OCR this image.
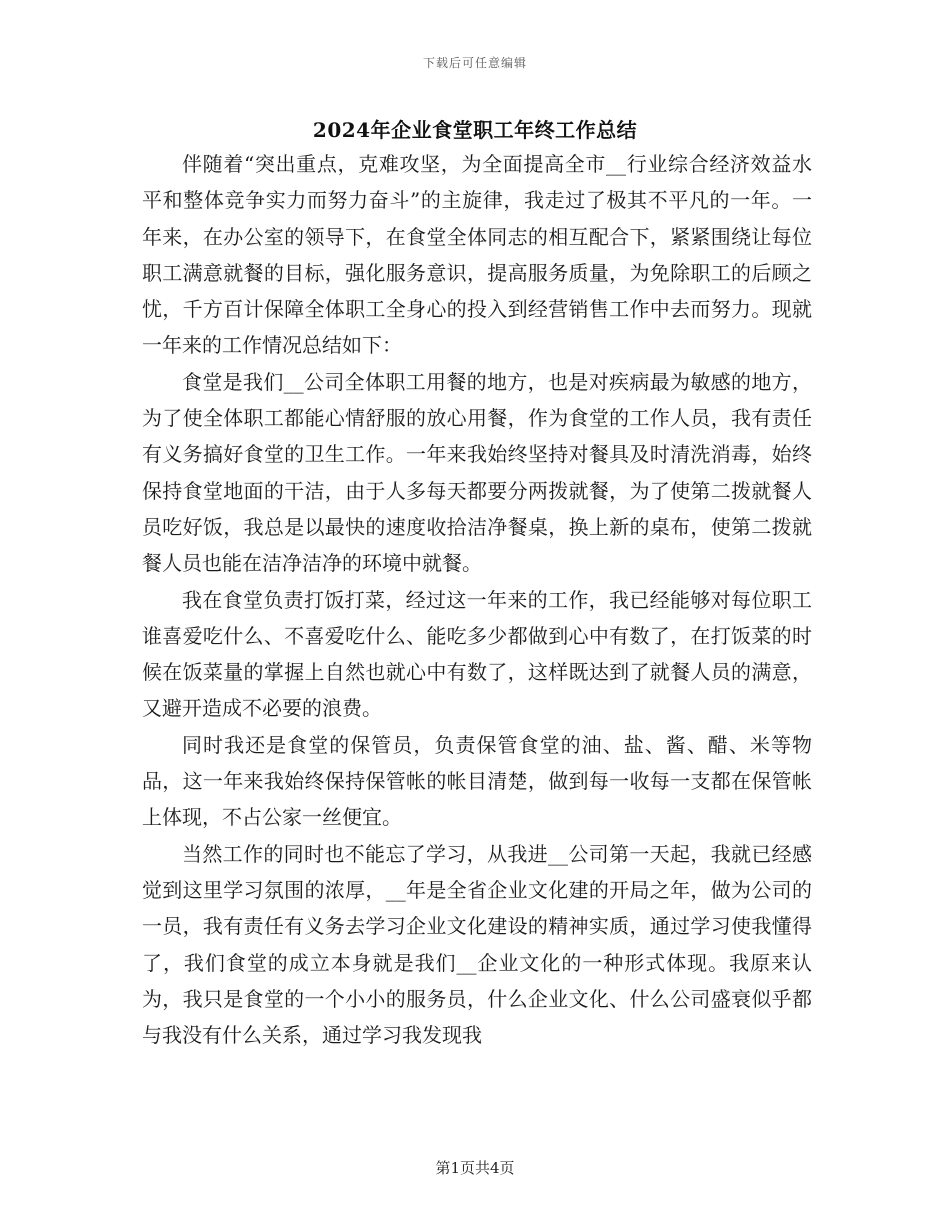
下载后可任意编辑
2024年企业食堂职工年终工作总结

伴随着“突出重点，克难攻坚，为全面提高全市__行业综合经济效益水平和整体竞争实力而努力奋斗”的主旋律，我走过了极其不平凡的一年。一年来，在办公室的领导下，在食堂全体同志的相互配合下，紧紧围绕让每位职工满意就餐的目标，强化服务意识，提高服务质量，为免除职工的后顾之忧，千方百计保障全体职工全身心的投入到经营销售工作中去而努力。现就一年来的工作情况总结如下：

食堂是我们__公司全体职工用餐的地方，也是对疾病最为敏感的地方，为了使全体职工都能心情舒服的放心用餐，作为食堂的工作人员，我有责任有义务搞好食堂的卫生工作。一年来我始终坚持对餐具及时清洗消毒，始终保持食堂地面的干洁，由于人多每天都要分两拨就餐，为了使第二拨就餐人员吃好饭，我总是以最快的速度收拾洁净餐桌，换上新的桌布，使第二拨就餐人员也能在洁净洁净的环境中就餐。

我在食堂负责打饭打菜，经过这一年来的工作，我已经能够对每位职工谁喜爱吃什么、不喜爱吃什么、能吃多少都做到心中有数了，在打饭菜的时候在饭菜量的掌握上自然也就心中有数了，这样既达到了就餐人员的满意，又避开造成不必要的浪费。

同时我还是食堂的保管员，负责保管食堂的油、盐、酱、醋、米等物品，这一年来我始终保持保管帐的帐目清楚，做到每一收每一支都在保管帐上体现，不占公家一丝便宜。

当然工作的同时也不能忘了学习，从我进__公司第一天起，我就已经感觉到这里学习氛围的浓厚，__年是全省企业文化建的开局之年，做为公司的一员，我有责任有义务去学习企业文化建设的精神实质，通过学习使我懂得了，我们食堂的成立本身就是我们__企业文化的一种形式体现。我原来认为，我只是食堂的一个小小的服务员，什么企业文化、什么公司盛衰似乎都与我没有什么关系，通过学习我发现我

第1页共4页
